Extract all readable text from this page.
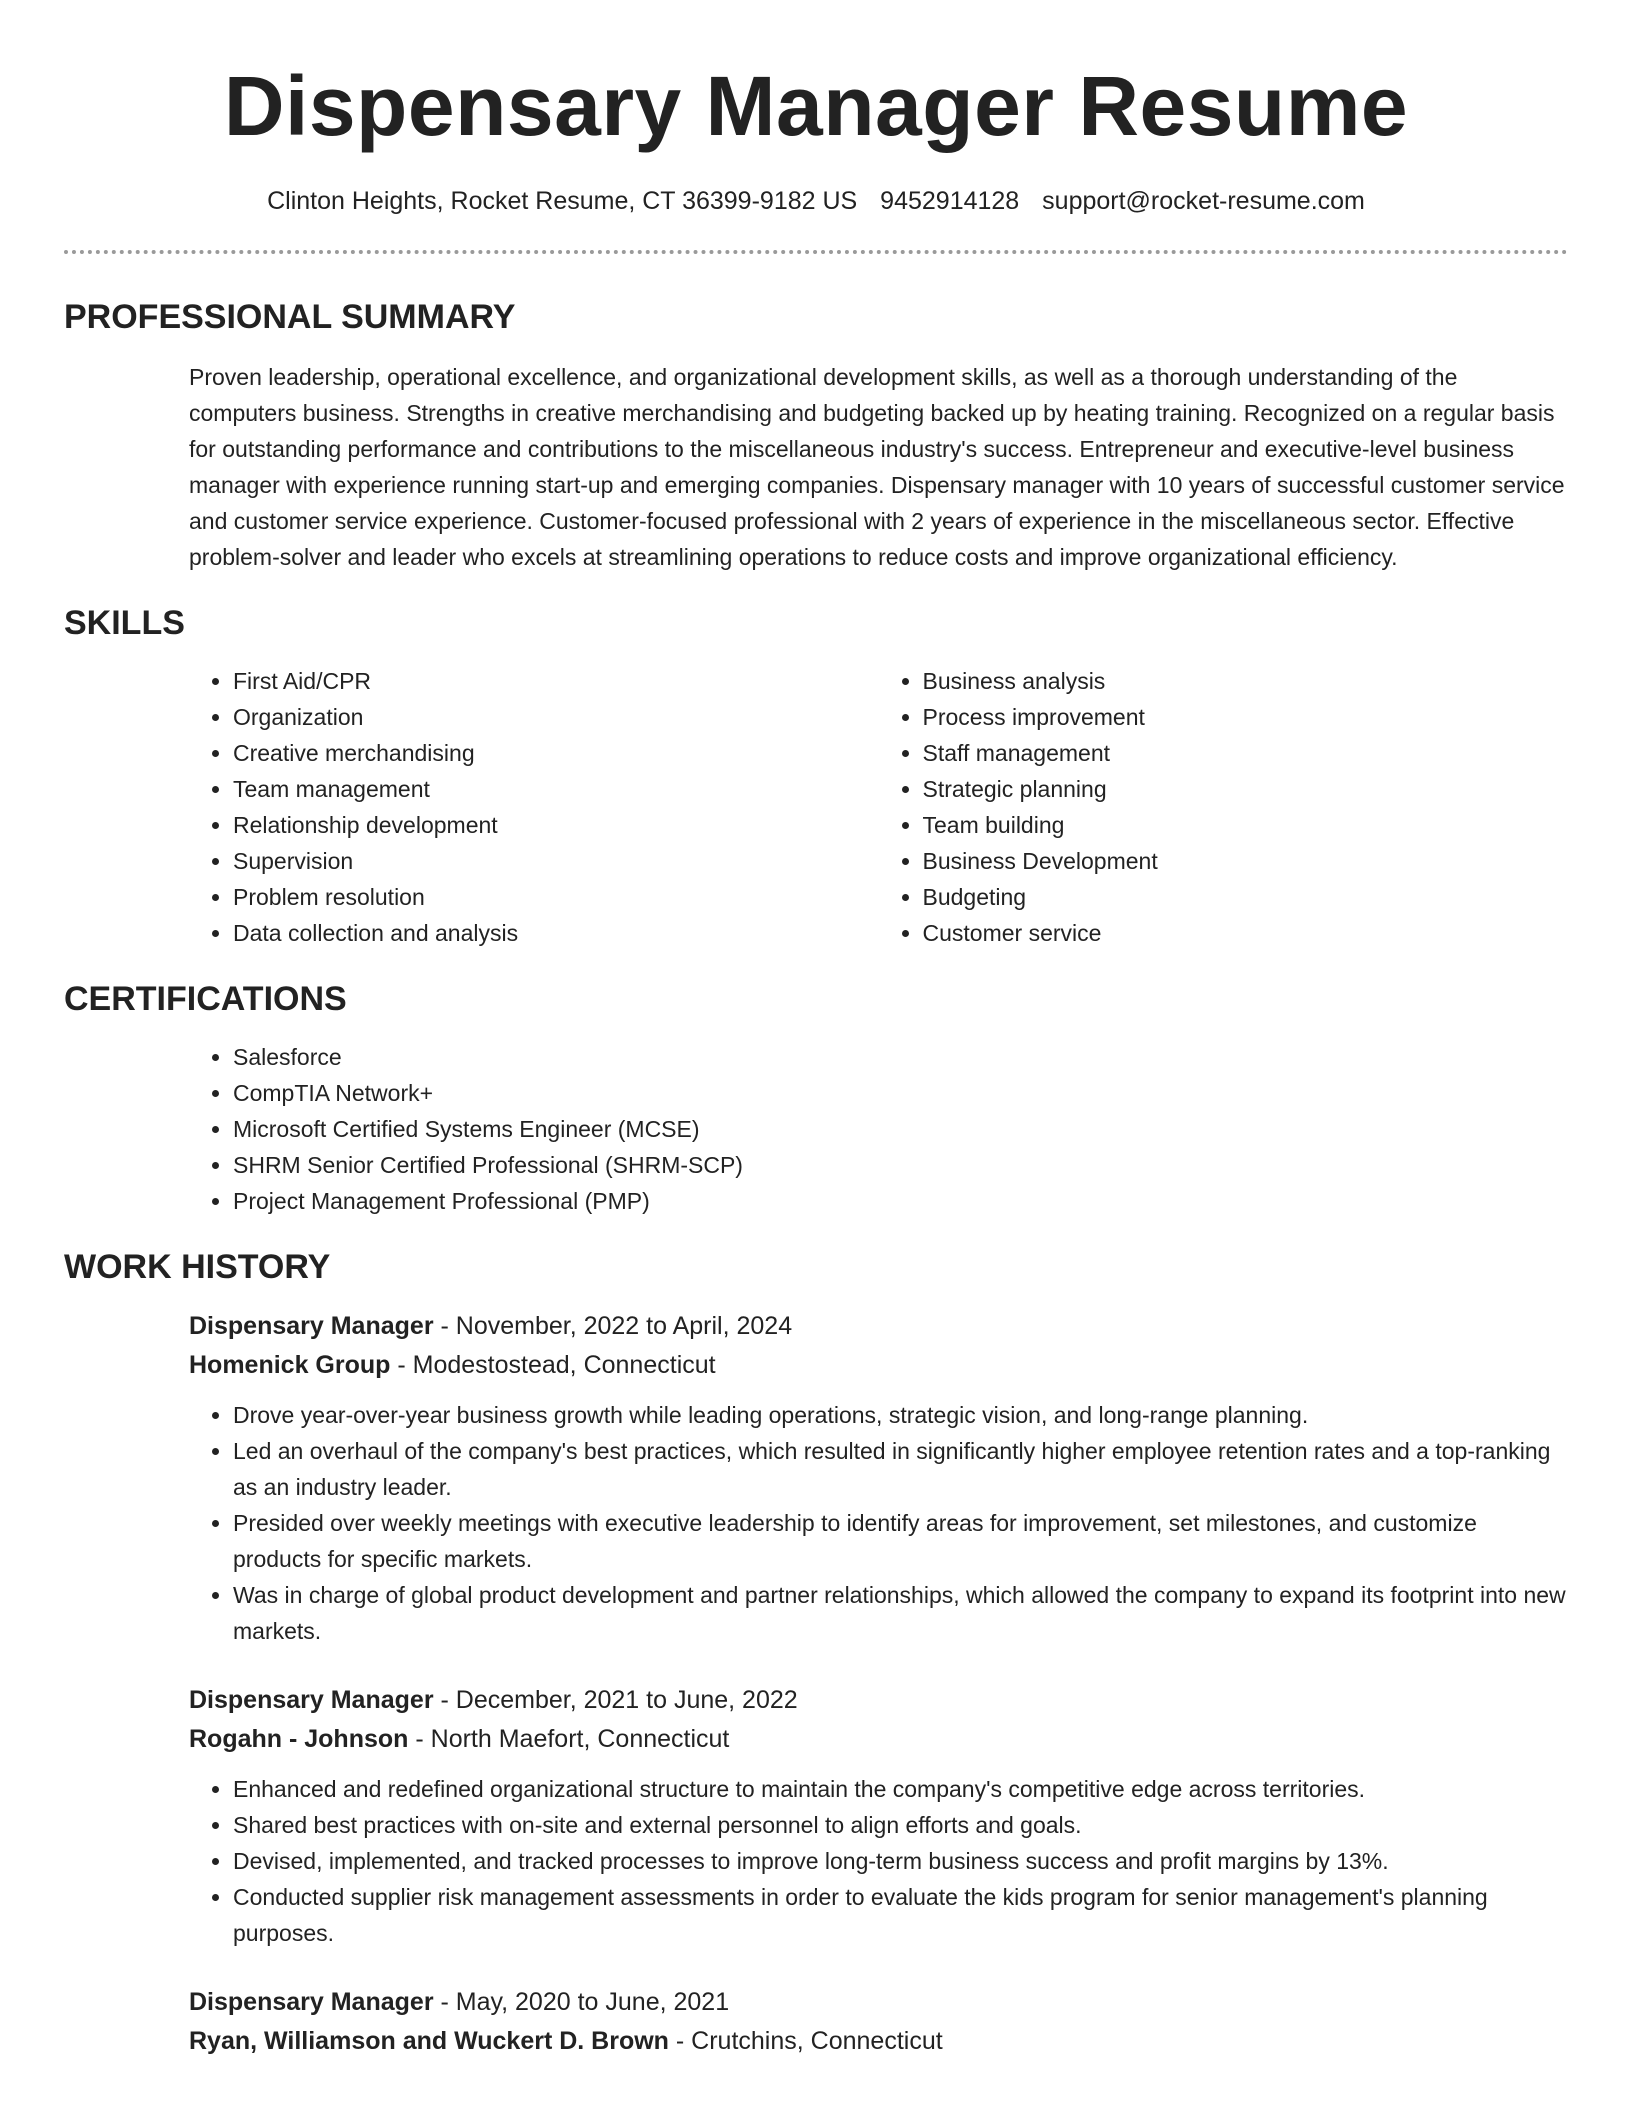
Dispensary Manager Resume
Clinton Heights, Rocket Resume, CT 36399-9182 US 9452914128 support@rocket-resume.com
PROFESSIONAL SUMMARY

Proven leadership, operational excellence, and organizational development skills, as well as a thorough understanding of the computers business. Strengths in creative merchandising and budgeting backed up by heating training. Recognized on a regular basis for outstanding performance and contributions to the miscellaneous industry's success. Entrepreneur and executive-level business manager with experience running start-up and emerging companies. Dispensary manager with 10 years of successful customer service and customer service experience. Customer-focused professional with 2 years of experience in the miscellaneous sector. Effective problem-solver and leader who excels at streamlining operations to reduce costs and improve organizational efficiency.

SKILLS
• First Aid/CPR
• Organization
• Creative merchandising
• Team management
• Relationship development
• Supervision
• Problem resolution
• Data collection and analysis
• Business analysis
• Process improvement
• Staff management
• Strategic planning
• Team building
• Business Development
• Budgeting
• Customer service
CERTIFICATIONS
• Salesforce
• CompTIA Network+
• Microsoft Certified Systems Engineer (MCSE)
• SHRM Senior Certified Professional (SHRM-SCP)
• Project Management Professional (PMP)
WORK HISTORY
Dispensary Manager - November, 2022 to April, 2024
Homenick Group - Modestostead, Connecticut
• Drove year-over-year business growth while leading operations, strategic vision, and long-range planning.
• Led an overhaul of the company's best practices, which resulted in significantly higher employee retention rates and a top-ranking as an industry leader.
• Presided over weekly meetings with executive leadership to identify areas for improvement, set milestones, and customize products for specific markets.
• Was in charge of global product development and partner relationships, which allowed the company to expand its footprint into new markets.
Dispensary Manager - December, 2021 to June, 2022
Rogahn - Johnson - North Maefort, Connecticut
• Enhanced and redefined organizational structure to maintain the company's competitive edge across territories.
• Shared best practices with on-site and external personnel to align efforts and goals.
• Devised, implemented, and tracked processes to improve long-term business success and profit margins by 13%.
• Conducted supplier risk management assessments in order to evaluate the kids program for senior management's planning purposes.
Dispensary Manager - May, 2020 to June, 2021
Ryan, Williamson and Wuckert D. Brown - Crutchins, Connecticut
